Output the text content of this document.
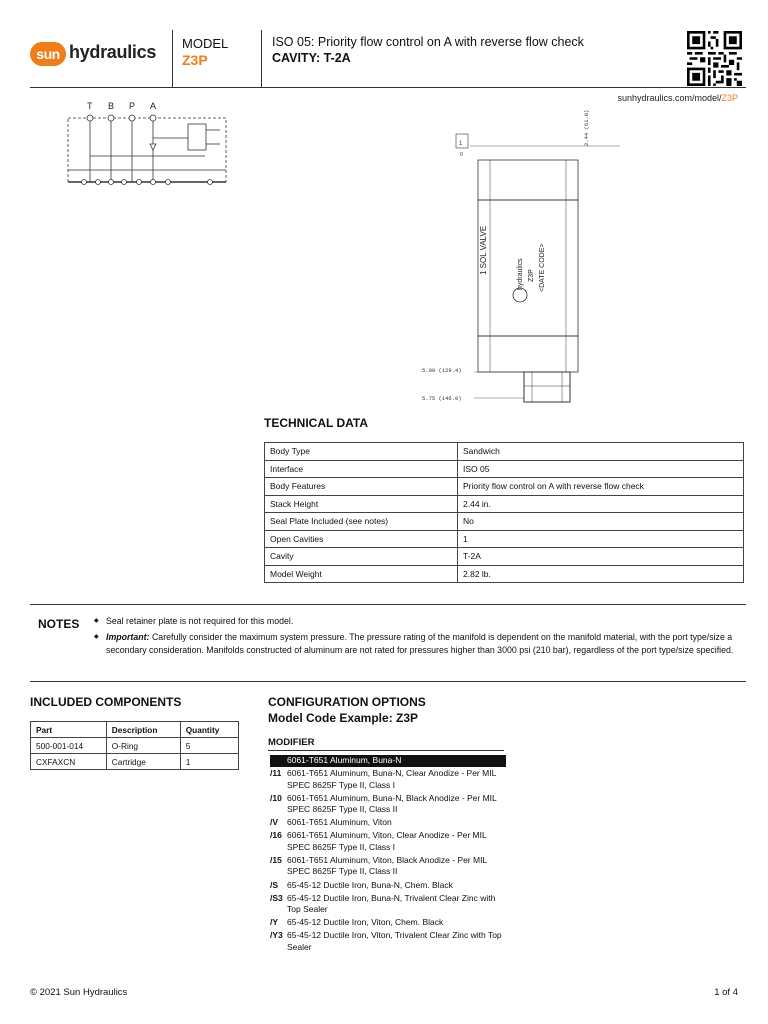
sun hydraulics MODEL
Z3P
ISO 05: Priority flow control on A with reverse flow check
CAVITY: T-2A
sunhydraulics.com/model/Z3P
T B P A
1
0
1 SOL VALVE	hydraulics Z3P <DATE CODE>
2.44 (61.0)
5.09 (129.4)
5.75 (146.0)
TECHNICAL DATA
Body Type	Sandwich
Interface	ISO 05
Body Features	Priority flow control on A with reverse flow check
Stack Height	2.44 in.
Seal Plate Included (see notes)	No
Open Cavities	1
Cavity	T-2A
Model Weight	2.82 lb.
NOTES	◆ Seal retainer plate is not required for this model.
◆ Important: Carefully consider the maximum system pressure. The pressure rating of the manifold is dependent on the manifold material, with the port type/size a secondary consideration. Manifolds constructed of aluminum are not rated for pressures higher than 3000 psi (210 bar), regardless of the port type/size specified.
INCLUDED COMPONENTS
Part	Description	Quantity
500-001-014	O-Ring	5
CXFAXCN	Cartridge	1
CONFIGURATION OPTIONS
Model Code Example: Z3P
MODIFIER
6061-T651 Aluminum, Buna-N
/11 6061-T651 Aluminum, Buna-N, Clear Anodize - Per MIL SPEC 8625F Type II, Class I
/10 6061-T651 Aluminum, Buna-N, Black Anodize - Per MIL SPEC 8625F Type II, Class II
/V 6061-T651 Aluminum, Viton
/16 6061-T651 Aluminum, Viton, Clear Anodize - Per MIL SPEC 8625F Type II, Class I
/15 6061-T651 Aluminum, Viton, Black Anodize - Per MIL SPEC 8625F Type II, Class II
/S 65-45-12 Ductile Iron, Buna-N, Chem. Black
/S3 65-45-12 Ductile Iron, Buna-N, Trivalent Clear Zinc with Top Sealer
/Y 65-45-12 Ductile Iron, Viton, Chem. Black
/Y3 65-45-12 Ductile Iron, Viton, Trivalent Clear Zinc with Top Sealer
© 2021 Sun Hydraulics	1 of 4
